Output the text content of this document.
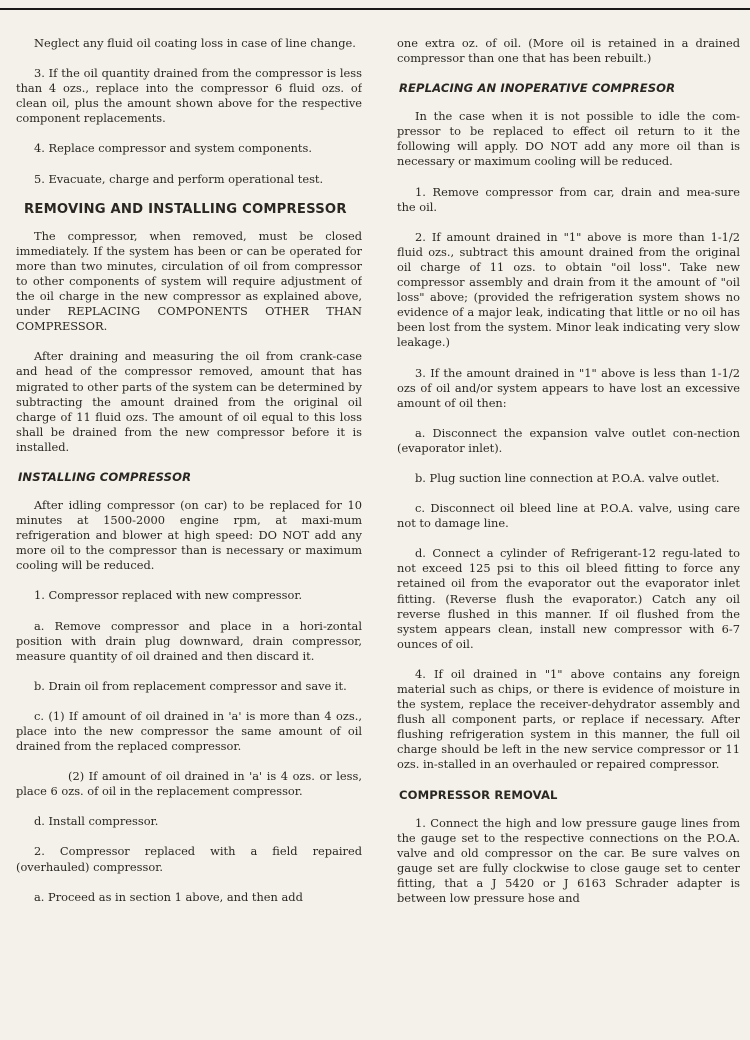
Neglect any fluid oil coating loss in case of line change.

3. If the oil quantity drained from the compressor is less than 4 ozs., replace into the compressor 6 fluid ozs. of clean oil, plus the amount shown above for the respective component replacements.

4. Replace compressor and system components.

5. Evacuate, charge and perform operational test.

REMOVING AND INSTALLING COMPRESSOR

The compressor, when removed, must be closed immediately. If the system has been or can be operated for more than two minutes, circulation of oil from compressor to other components of system will require adjustment of the oil charge in the new compressor as explained above, under REPLACING COMPONENTS OTHER THAN COMPRESSOR.

After draining and measuring the oil from crank-case and head of the compressor removed, amount that has migrated to other parts of the system can be determined by subtracting the amount drained from the original oil charge of 11 fluid ozs. The amount of oil equal to this loss shall be drained from the new compressor before it is installed.

INSTALLING COMPRESSOR

After idling compressor (on car) to be replaced for 10 minutes at 1500-2000 engine rpm, at maxi-mum refrigeration and blower at high speed: DO NOT add any more oil to the compressor than is necessary or maximum cooling will be reduced.

1. Compressor replaced with new compressor.

a. Remove compressor and place in a hori-zontal position with drain plug downward, drain compressor, measure quantity of oil drained and then discard it.

b. Drain oil from replacement compressor and save it.

c. (1) If amount of oil drained in 'a' is more than 4 ozs., place into the new compressor the same amount of oil drained from the replaced compressor.

(2) If amount of oil drained in 'a' is 4 ozs. or less, place 6 ozs. of oil in the replacement compressor.

d. Install compressor.

2. Compressor replaced with a field repaired (overhauled) compressor.

a. Proceed as in section 1 above, and then add

one extra oz. of oil. (More oil is retained in a drained compressor than one that has been rebuilt.)

REPLACING AN INOPERATIVE COMPRESOR

In the case when it is not possible to idle the com-pressor to be replaced to effect oil return to it the following will apply. DO NOT add any more oil than is necessary or maximum cooling will be reduced.

1. Remove compressor from car, drain and mea-sure the oil.

2. If amount drained in "1" above is more than 1-1/2 fluid ozs., subtract this amount drained from the original oil charge of 11 ozs. to obtain "oil loss". Take new compressor assembly and drain from it the amount of "oil loss" above; (provided the refrigeration system shows no evidence of a major leak, indicating that little or no oil has been lost from the system. Minor leak indicating very slow leakage.)

3. If the amount drained in "1" above is less than 1-1/2 ozs of oil and/or system appears to have lost an excessive amount of oil then:

a. Disconnect the expansion valve outlet con-nection (evaporator inlet).

b. Plug suction line connection at P.O.A. valve outlet.

c. Disconnect oil bleed line at P.O.A. valve, using care not to damage line.

d. Connect a cylinder of Refrigerant-12 regu-lated to not exceed 125 psi to this oil bleed fitting to force any retained oil from the evaporator out the evaporator inlet fitting. (Reverse flush the evaporator.) Catch any oil reverse flushed in this manner. If oil flushed from the system appears clean, install new compressor with 6-7 ounces of oil.

4. If oil drained in "1" above contains any foreign material such as chips, or there is evidence of moisture in the system, replace the receiver-dehydrator assembly and flush all component parts, or replace if necessary. After flushing refrigeration system in this manner, the full oil charge should be left in the new service compressor or 11 ozs. in-stalled in an overhauled or repaired compressor.

COMPRESSOR REMOVAL

1. Connect the high and low pressure gauge lines from the gauge set to the respective connections on the P.O.A. valve and old compressor on the car. Be sure valves on gauge set are fully clockwise to close gauge set to center fitting, that a J 5420 or J 6163 Schrader adapter is between low pressure hose and
